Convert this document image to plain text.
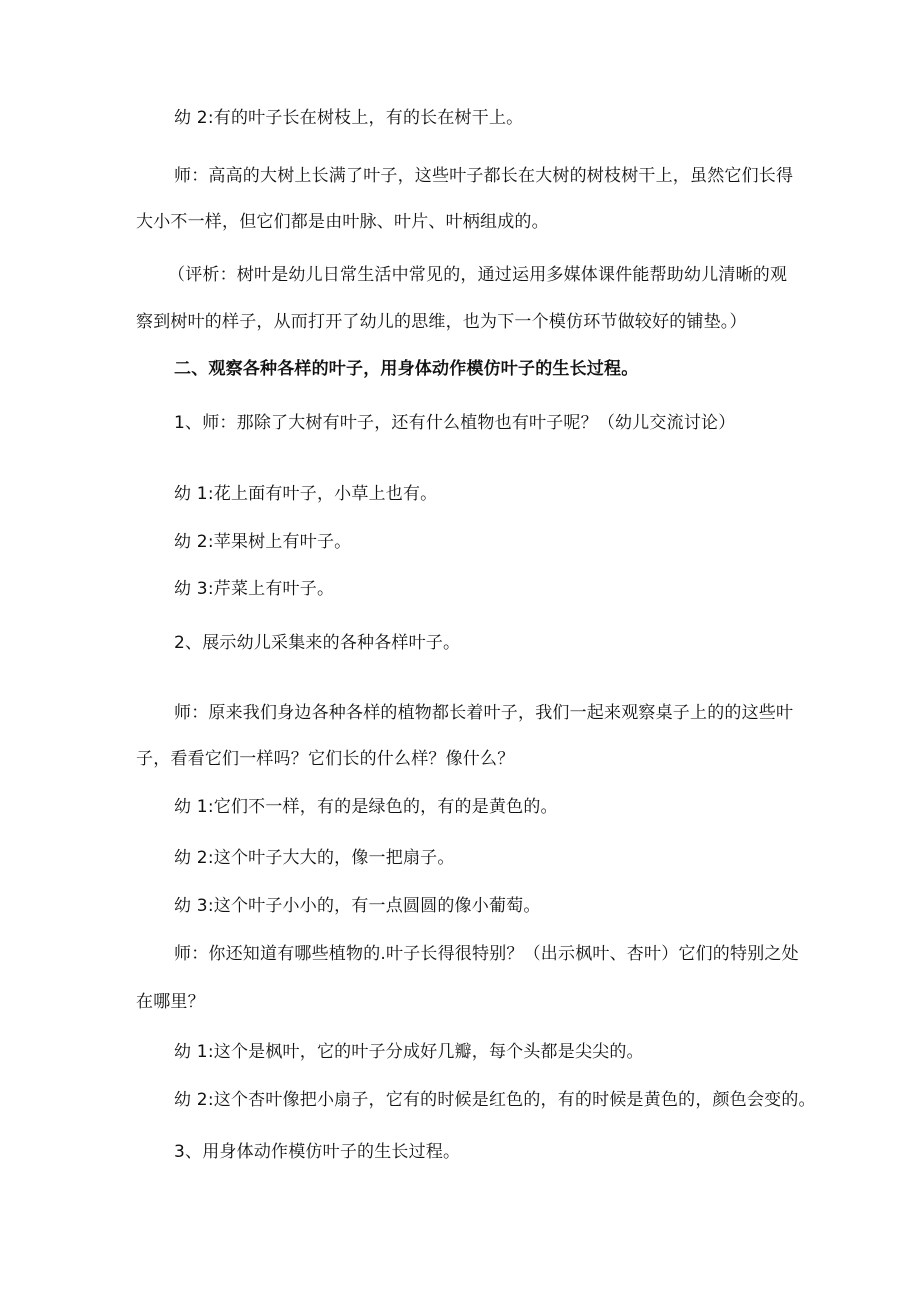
幼 2:有的叶子长在树枝上，有的长在树干上。
师：高高的大树上长满了叶子，这些叶子都长在大树的树枝树干上，虽然它们长得
大小不一样，但它们都是由叶脉、叶片、叶柄组成的。
（评析：树叶是幼儿日常生活中常见的，通过运用多媒体课件能帮助幼儿清晰的观
察到树叶的样子，从而打开了幼儿的思维，也为下一个模仿环节做较好的铺垫。）
二、观察各种各样的叶子，用身体动作模仿叶子的生长过程。
1、师：那除了大树有叶子，还有什么植物也有叶子呢？（幼儿交流讨论）
幼 1:花上面有叶子，小草上也有。
幼 2:苹果树上有叶子。
幼 3:芹菜上有叶子。
2、展示幼儿采集来的各种各样叶子。
师：原来我们身边各种各样的植物都长着叶子，我们一起来观察桌子上的的这些叶
子，看看它们一样吗？它们长的什么样？像什么？
幼 1:它们不一样，有的是绿色的，有的是黄色的。
幼 2:这个叶子大大的，像一把扇子。
幼 3:这个叶子小小的，有一点圆圆的像小葡萄。
师：你还知道有哪些植物的.叶子长得很特别？（出示枫叶、杏叶）它们的特别之处
在哪里？
幼 1:这个是枫叶，它的叶子分成好几瓣，每个头都是尖尖的。
幼 2:这个杏叶像把小扇子，它有的时候是红色的，有的时候是黄色的，颜色会变的。
3、用身体动作模仿叶子的生长过程。
